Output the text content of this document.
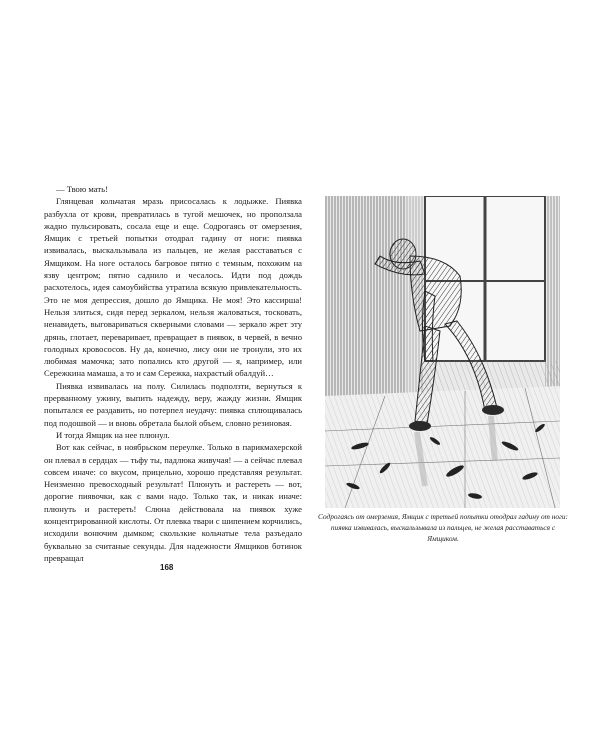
— Твою мать!

Глянцевая кольчатая мразь присосалась к лодыжке. Пиявка разбухла от крови, превратилась в тугой мешочек, но проползала жадно пульсировать, сосала еще и еще. Содрогаясь от омерзения, Ямщик с третьей попытки отодрал гадину от ноги: пиявка извивалась, выскальзывала из пальцев, не желая расставаться с Ямщиком. На ноге осталось багровое пятно с темным, похожим на язву центром; пятно саднило и чесалось. Идти под дождь расхотелось, идея самоубийства утратила всякую привлекательность. Это не моя депрессия, дошло до Ямщика. Не моя! Это кассирша! Нельзя злиться, сидя перед зеркалом, нельзя жаловаться, тосковать, ненавидеть, выговариваться скверными словами — зеркало жрет эту дрянь, глотает, переваривает, превращает в пиявок, в червей, в вечно голодных кровососов. Ну да, конечно, лису они не тронули, это их любимая мамочка; зато попались кто другой — я, например, или Сережкина мамаша, а то и сам Сережка, нахрастый обалдуй…

Пиявка извивалась на полу. Силилась подползти, вернуться к прерванному ужину, выпить надежду, веру, жажду жизни. Ямщик попытался ее раздавить, но потерпел неудачу: пиявка сплющивалась под подошвой — и вновь обретала былой объем, словно резиновая.

И тогда Ямщик на нее плюнул.

Вот как сейчас, в ноябрьском переулке. Только в парикмахерской он плевал в сердцах — тьфу ты, падлюка живучая! — а сейчас плевал совсем иначе: со вкусом, прицельно, хорошо представляя результат. Неизменно превосходный результат! Плюнуть и растереть — вот, дорогие пиявочки, как с вами надо. Только так, и никак иначе: плюнуть и растереть! Слюна действовала на пиявок хуже концентрированной кислоты. От плевка твари с шипением корчились, исходили вонючим дымком; скользкие кольчатые тела разъедало буквально за считаные секунды. Для надежности Ямщиков ботинок превращал

168
Содрогаясь от омерзения, Ямщик с третьей попытки отодрал гадину от ноги: пиявка извивалась, выскальзывала из пальцев, не желая расставаться с Ямщиком.
